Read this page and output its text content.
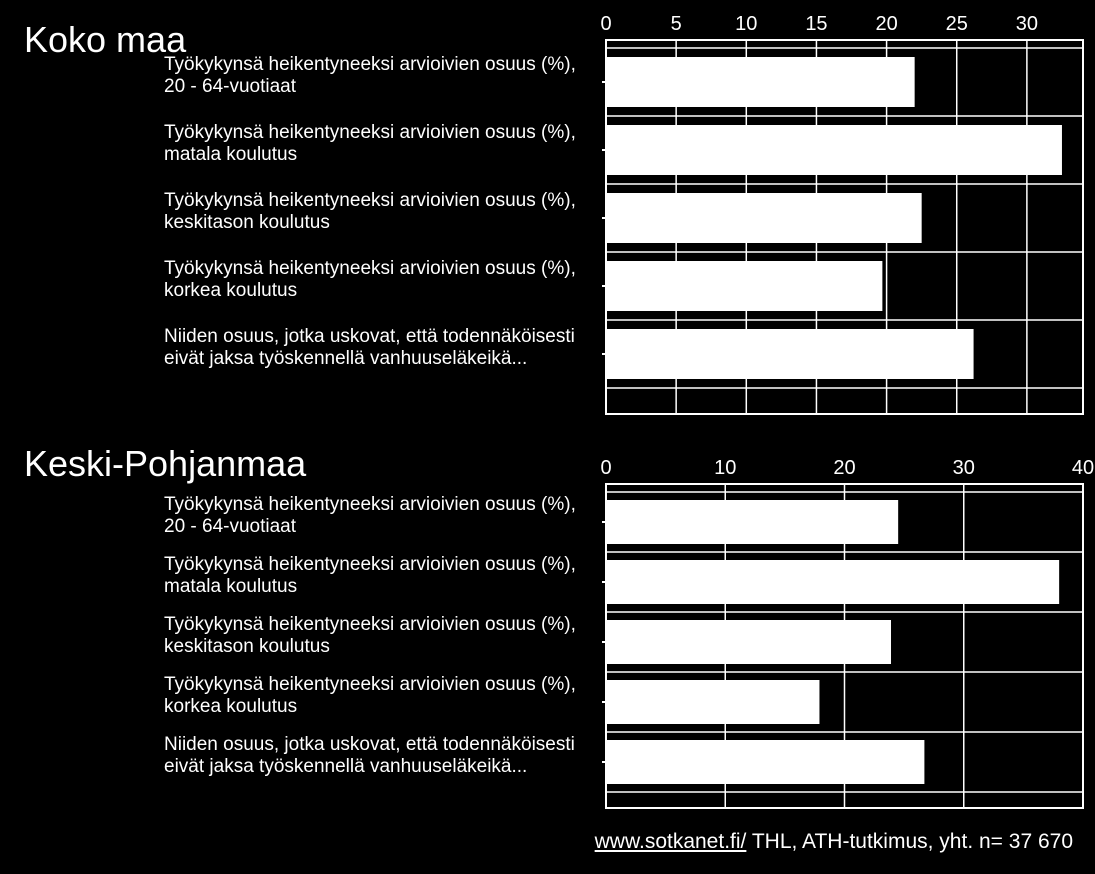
Koko maa
Keski-Pohjanmaa
0	5	10 15 20 25 30
Työkykynsä heikentyneeksi arvioivien osuus (%),
20 - 64-vuotiaat
Työkykynsä heikentyneeksi arvioivien osuus (%),
matala koulutus
Työkykynsä heikentyneeksi arvioivien osuus (%),
keskitason koulutus
Työkykynsä heikentyneeksi arvioivien osuus (%),
korkea koulutus
Niiden osuus, jotka uskovat, että todennäköisesti
eivät jaksa työskennellä vanhuuseläkeikä...
0	10	20	30	40
Työkykynsä heikentyneeksi arvioivien osuus (%),
20 - 64-vuotiaat
Työkykynsä heikentyneeksi arvioivien osuus (%),
matala koulutus
Työkykynsä heikentyneeksi arvioivien osuus (%),
keskitason koulutus
Työkykynsä heikentyneeksi arvioivien osuus (%),
korkea koulutus
Niiden osuus, jotka uskovat, että todennäköisesti
eivät jaksa työskennellä vanhuuseläkeikä...
www.sotkanet.fi/ THL, ATH-tutkimus, yht. n= 37 670
